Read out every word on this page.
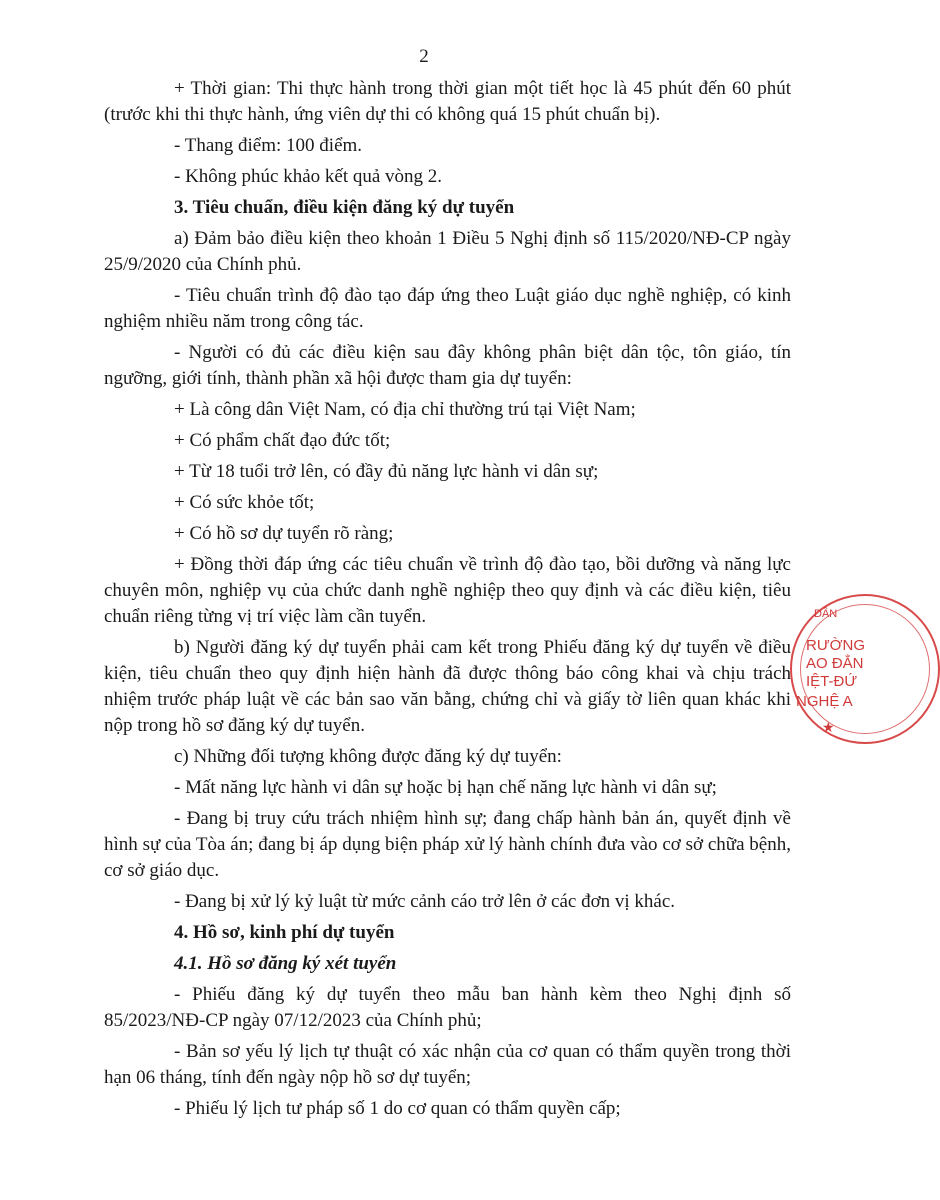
2

+ Thời gian: Thi thực hành trong thời gian một tiết học là 45 phút đến 60 phút (trước khi thi thực hành, ứng viên dự thi có không quá 15 phút chuẩn bị).

- Thang điểm: 100 điểm.

- Không phúc khảo kết quả vòng 2.

3. Tiêu chuẩn, điều kiện đăng ký dự tuyển

a) Đảm bảo điều kiện theo khoản 1 Điều 5 Nghị định số 115/2020/NĐ-CP ngày 25/9/2020 của Chính phủ.

- Tiêu chuẩn trình độ đào tạo đáp ứng theo Luật giáo dục nghề nghiệp, có kinh nghiệm nhiều năm trong công tác.

- Người có đủ các điều kiện sau đây không phân biệt dân tộc, tôn giáo, tín ngưỡng, giới tính, thành phần xã hội được tham gia dự tuyển:

+ Là công dân Việt Nam, có địa chỉ thường trú tại Việt Nam;

+ Có phẩm chất đạo đức tốt;

+ Từ 18 tuổi trở lên, có đầy đủ năng lực hành vi dân sự;

+ Có sức khỏe tốt;

+ Có hồ sơ dự tuyển rõ ràng;

+ Đồng thời đáp ứng các tiêu chuẩn về trình độ đào tạo, bồi dưỡng và năng lực chuyên môn, nghiệp vụ của chức danh nghề nghiệp theo quy định và các điều kiện, tiêu chuẩn riêng từng vị trí việc làm cần tuyển.

b) Người đăng ký dự tuyển phải cam kết trong Phiếu đăng ký dự tuyển về điều kiện, tiêu chuẩn theo quy định hiện hành đã được thông báo công khai và chịu trách nhiệm trước pháp luật về các bản sao văn bằng, chứng chỉ và giấy tờ liên quan khác khi nộp trong hồ sơ đăng ký dự tuyển.

c) Những đối tượng không được đăng ký dự tuyển:

- Mất năng lực hành vi dân sự hoặc bị hạn chế năng lực hành vi dân sự;

- Đang bị truy cứu trách nhiệm hình sự; đang chấp hành bản án, quyết định về hình sự của Tòa án; đang bị áp dụng biện pháp xử lý hành chính đưa vào cơ sở chữa bệnh, cơ sở giáo dục.

- Đang bị xử lý kỷ luật từ mức cảnh cáo trở lên ở các đơn vị khác.

4. Hồ sơ, kinh phí dự tuyển

4.1. Hồ sơ đăng ký xét tuyển

- Phiếu đăng ký dự tuyển theo mẫu ban hành kèm theo Nghị định số 85/2023/NĐ-CP ngày 07/12/2023 của Chính phủ;

- Bản sơ yếu lý lịch tự thuật có xác nhận của cơ quan có thẩm quyền trong thời hạn 06 tháng, tính đến ngày nộp hồ sơ dự tuyển;

- Phiếu lý lịch tư pháp số 1 do cơ quan có thẩm quyền cấp;

DÂN
RƯỜNG
AO ĐẲN
IỆT-ĐỨ
NGHỆ A
★
